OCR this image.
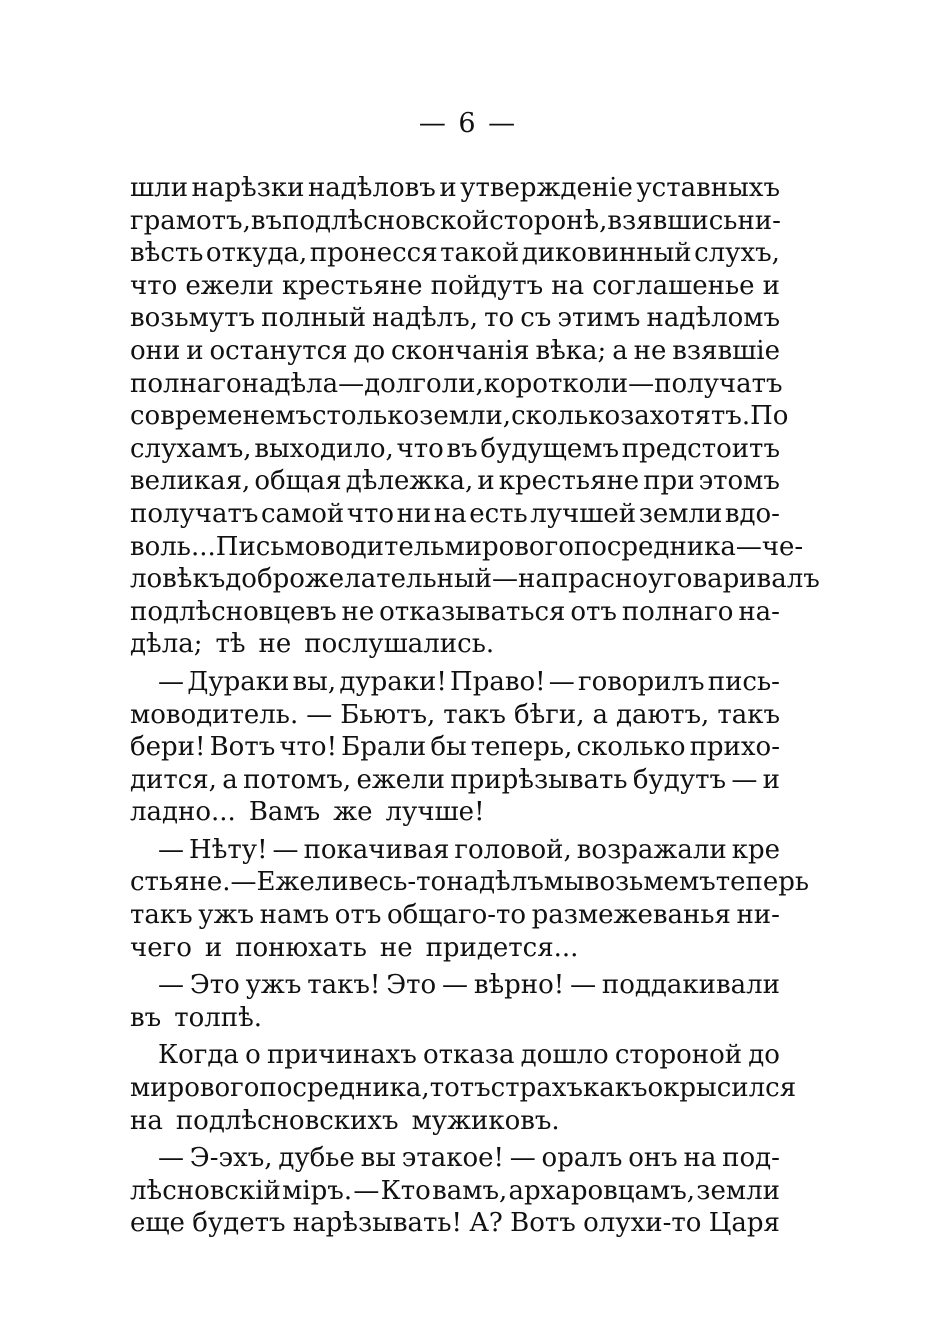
— 6 —
шли нарѣзки надѣловъ и утвержденіе уставныхъ
грамотъ, въ подлѣсновской сторонѣ, взявшись ни-
вѣсть откуда, пронесся такой диковинный слухъ,
что ежели крестьяне пойдутъ на соглашенье и
возьмутъ полный надѣлъ, то съ этимъ надѣломъ
они и останутся до скончанія вѣка; а не взявшіе
полнаго надѣла — долго ли, коротко ли — получатъ
со временемъ столько земли, сколько захотятъ. По
слухамъ, выходило, что въ будущемъ предстоитъ
великая, общая дѣлежка, и крестьяне при этомъ
получатъ самой что ни на есть лучшей земли вдо-
воль... Письмоводитель мирового посредника — че-
ловѣкъ доброжелательный — напрасно уговаривалъ
подлѣсновцевъ не отказываться отъ полнаго на-
дѣла; тѣ не послушались.
— Дураки вы, дураки! Право! — говорилъ пись-
моводитель. — Бьютъ, такъ бѣги, а даютъ, такъ
бери! Вотъ что! Брали бы теперь, сколько прихо-
дится, а потомъ, ежели прирѣзывать будутъ — и
ладно... Вамъ же лучше!
— Нѣту! — покачивая головой, возражали кре
стьяне.—Ежели весь-то надѣлъ мы возьмемъ теперь
такъ ужъ намъ отъ общаго-то размежеванья ни-
чего и понюхать не придется...
— Это ужъ такъ! Это — вѣрно! — поддакивали
въ толпѣ.
Когда о причинахъ отказа дошло стороной до
мирового посредника, тотъ страхъ какъ окрысился
на подлѣсновскихъ мужиковъ.
— Э-эхъ, дубье вы этакое! — оралъ онъ на под-
лѣсновскій міръ. — Кто вамъ, архаровцамъ, земли
еще будетъ нарѣзывать! А? Вотъ олухи-то Царя
